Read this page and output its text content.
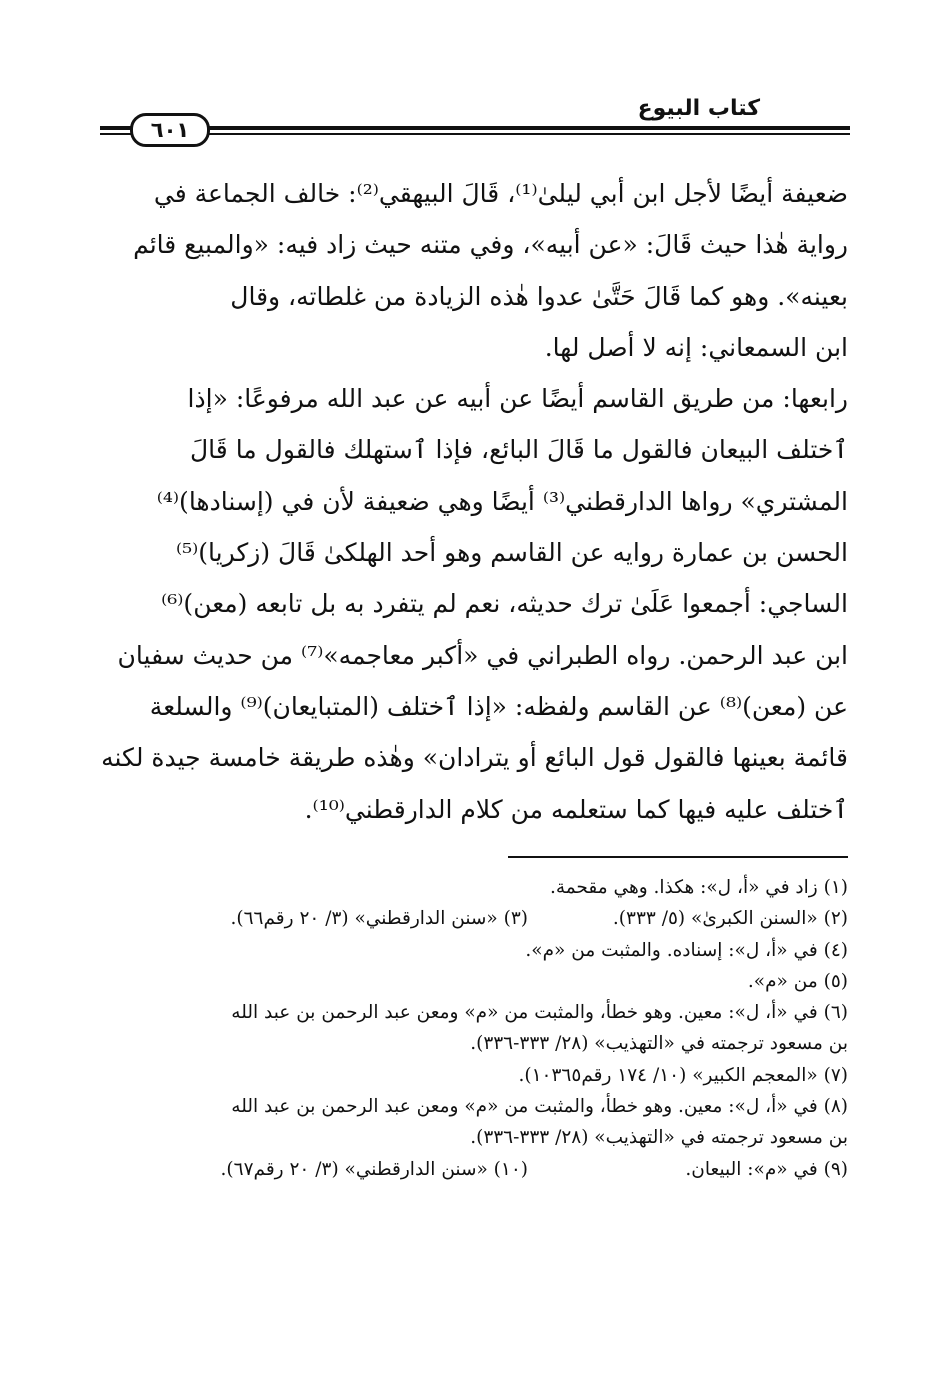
كتاب البيوع
٦٠١

ضعيفة أيضًا لأجل ابن أبي ليلىٰ⁽¹⁾، قَالَ البيهقي⁽²⁾: خالف الجماعة في

رواية هٰذا حيث قَالَ: «عن أبيه»، وفي متنه حيث زاد فيه: «والمبيع قائم

بعينه». وهو كما قَالَ حَتَّىٰ عدوا هٰذه الزيادة من غلطاته، وقال

ابن السمعاني: إنه لا أصل لها.

رابعها: من طريق القاسم أيضًا عن أبيه عن عبد الله مرفوعًا: «إذا

ٱختلف البيعان فالقول ما قَالَ البائع، فإذا ٱستهلك فالقول ما قَالَ

المشتري» رواها الدارقطني⁽³⁾ أيضًا وهي ضعيفة لأن في (إسنادها)⁽⁴⁾

الحسن بن عمارة روايه عن القاسم وهو أحد الهلكىٰ قَالَ (زكريا)⁽⁵⁾

الساجي: أجمعوا عَلَىٰ ترك حديثه، نعم لم يتفرد به بل تابعه (معن)⁽⁶⁾

ابن عبد الرحمن. رواه الطبراني في «أكبر معاجمه»⁽⁷⁾ من حديث سفيان

عن (معن)⁽⁸⁾ عن القاسم ولفظه: «إذا ٱختلف (المتبايعان)⁽⁹⁾ والسلعة

قائمة بعينها فالقول قول البائع أو يترادان» وهٰذه طريقة خامسة جيدة لكنه

ٱختلف عليه فيها كما ستعلمه من كلام الدارقطني⁽¹⁰⁾.

(١) زاد في «أ، ل»: هكذا. وهي مقحمة.

(٢) «السنن الكبرىٰ» (٥/ ٣٣٣).
(٣) «سنن الدارقطني» (٣/ ٢٠ رقم٦٦).

(٤) في «أ، ل»: إسناده. والمثبت من «م».

(٥) من «م».

(٦) في «أ، ل»: معين. وهو خطأ، والمثبت من «م» ومعن عبد الرحمن بن عبد الله

بن مسعود ترجمته في «التهذيب» (٢٨/ ٣٣٣-٣٣٦).

(٧) «المعجم الكبير» (١٠/ ١٧٤ رقم١٠٣٦٥).

(٨) في «أ، ل»: معين. وهو خطأ، والمثبت من «م» ومعن عبد الرحمن بن عبد الله

بن مسعود ترجمته في «التهذيب» (٢٨/ ٣٣٣-٣٣٦).

(٩) في «م»: البيعان.
(١٠) «سنن الدارقطني» (٣/ ٢٠ رقم٦٧).
